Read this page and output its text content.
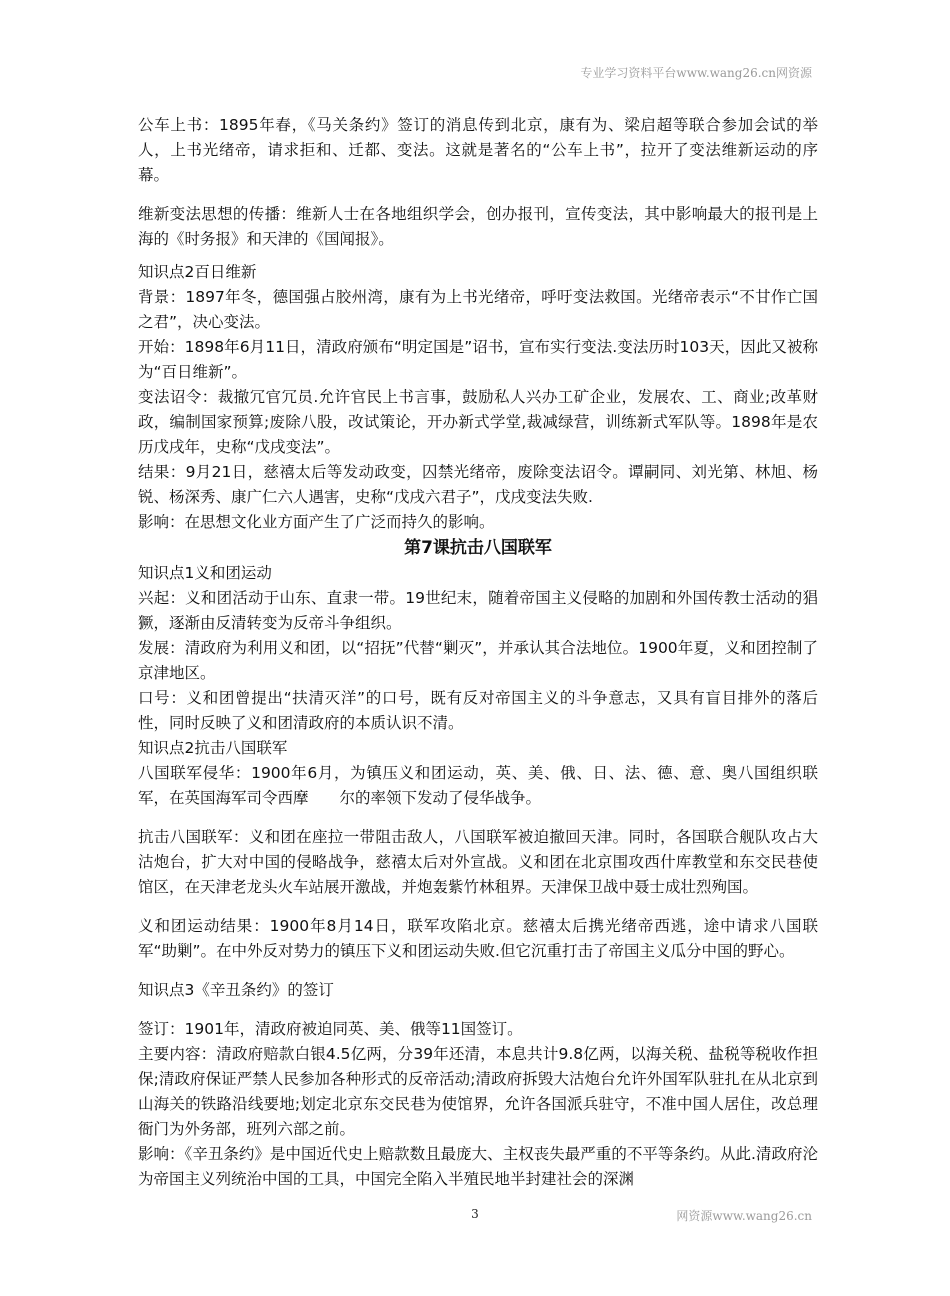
专业学习资料平台www.wang26.cn网资源

公车上书：1895年春，《马关条约》签订的消息传到北京，康有为、梁启超等联合参加会试的举人，上书光绪帝，请求拒和、迁都、变法。这就是著名的“公车上书”，拉开了变法维新运动的序幕。

维新变法思想的传播：维新人士在各地组织学会，创办报刊，宣传变法，其中影响最大的报刊是上海的《时务报》和天津的《国闻报》。

知识点2百日维新

背景：1897年冬，德国强占胶州湾，康有为上书光绪帝，呼吁变法救国。光绪帝表示“不甘作亡国之君”，决心变法。

开始：1898年6月11日，清政府颁布“明定国是”诏书，宣布实行变法.变法历时103天，因此又被称为“百日维新”。

变法诏令：裁撤冗官冗员.允许官民上书言事，鼓励私人兴办工矿企业，发展农、工、商业;改革财政，编制国家预算;废除八股，改试策论，开办新式学堂,裁减绿营，训练新式军队等。1898年是农历戊戌年，史称“戊戌变法”。

结果：9月21日，慈禧太后等发动政变，囚禁光绪帝，废除变法诏令。谭嗣同、刘光第、林旭、杨锐、杨深秀、康广仁六人遇害，史称“戊戌六君子”，戊戌变法失败.

影响：在思想文化业方面产生了广泛而持久的影响。

第7课抗击八国联军

知识点1义和团运动

兴起：义和团活动于山东、直隶一带。19世纪末，随着帝国主义侵略的加剧和外国传教士活动的猖獗，逐渐由反清转变为反帝斗争组织。

发展：清政府为利用义和团，以“招抚”代替“剿灭”，并承认其合法地位。1900年夏，义和团控制了京津地区。

口号：义和团曾提出“扶清灭洋”的口号，既有反对帝国主义的斗争意志，又具有盲目排外的落后性，同时反映了义和团清政府的本质认识不清。

知识点2抗击八国联军

八国联军侵华：1900年6月，为镇压义和团运动，英、美、俄、日、法、德、意、奥八国组织联军，在英国海军司令西摩　　尔的率领下发动了侵华战争。

抗击八国联军：义和团在座拉一带阻击敌人，八国联军被迫撤回天津。同时，各国联合舰队攻占大沽炮台，扩大对中国的侵略战争，慈禧太后对外宣战。义和团在北京围攻西什库教堂和东交民巷使馆区，在天津老龙头火车站展开激战，并炮轰紫竹林租界。天津保卫战中聂士成壮烈殉国。

义和团运动结果：1900年8月14日，联军攻陷北京。慈禧太后携光绪帝西逃，途中请求八国联军“助剿”。在中外反对势力的镇压下义和团运动失败.但它沉重打击了帝国主义瓜分中国的野心。

知识点3《辛丑条约》的签订

签订：1901年，清政府被迫同英、美、俄等11国签订。

主要内容：清政府赔款白银4.5亿两，分39年还清，本息共计9.8亿两，以海关税、盐税等税收作担保;清政府保证严禁人民参加各种形式的反帝活动;清政府拆毁大沽炮台允许外国军队驻扎在从北京到山海关的铁路沿线要地;划定北京东交民巷为使馆界，允许各国派兵驻守，不准中国人居住，改总理衙门为外务部，班列六部之前。

影响：《辛丑条约》是中国近代史上赔款数且最庞大、主权丧失最严重的不平等条约。从此.清政府沦为帝国主义列统治中国的工具，中国完全陷入半殖民地半封建社会的深渊

3	网资源www.wang26.cn
